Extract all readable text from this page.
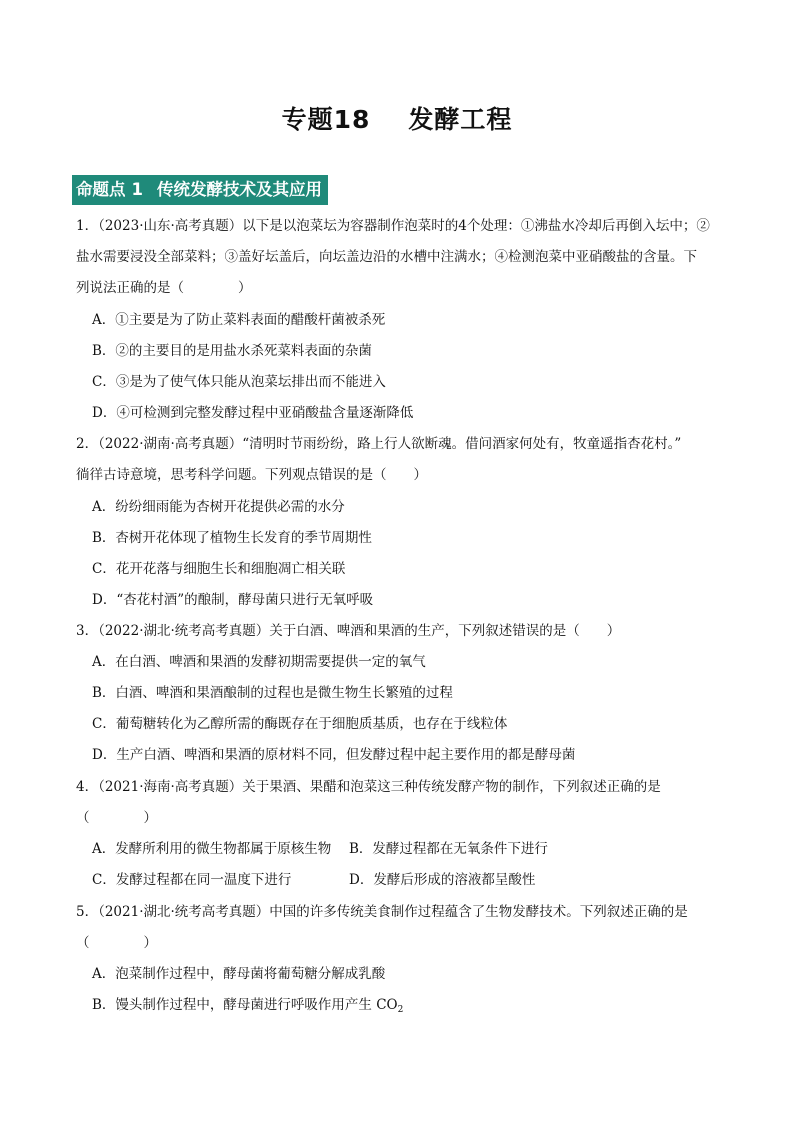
专题18 发酵工程
命题点 1 传统发酵技术及其应用
1．（2023·山东·高考真题）以下是以泡菜坛为容器制作泡菜时的4个处理：①沸盐水冷却后再倒入坛中；②
盐水需要浸没全部菜料；③盖好坛盖后，向坛盖边沿的水槽中注满水；④检测泡菜中亚硝酸盐的含量。下
列说法正确的是（　　　　）
A．①主要是为了防止菜料表面的醋酸杆菌被杀死
B．②的主要目的是用盐水杀死菜料表面的杂菌
C．③是为了使气体只能从泡菜坛排出而不能进入
D．④可检测到完整发酵过程中亚硝酸盐含量逐渐降低
2．（2022·湖南·高考真题）“清明时节雨纷纷，路上行人欲断魂。借问酒家何处有，牧童遥指杏花村。”
徜徉古诗意境，思考科学问题。下列观点错误的是（　　）
A．纷纷细雨能为杏树开花提供必需的水分
B．杏树开花体现了植物生长发育的季节周期性
C．花开花落与细胞生长和细胞凋亡相关联
D．“杏花村酒”的酿制，酵母菌只进行无氧呼吸
3．（2022·湖北·统考高考真题）关于白酒、啤酒和果酒的生产，下列叙述错误的是（　　）
A．在白酒、啤酒和果酒的发酵初期需要提供一定的氧气
B．白酒、啤酒和果酒酿制的过程也是微生物生长繁殖的过程
C．葡萄糖转化为乙醇所需的酶既存在于细胞质基质，也存在于线粒体
D．生产白酒、啤酒和果酒的原材料不同，但发酵过程中起主要作用的都是酵母菌
4．（2021·海南·高考真题）关于果酒、果醋和泡菜这三种传统发酵产物的制作，下列叙述正确的是
（　　　　）
A．发酵所利用的微生物都属于原核生物 B．发酵过程都在无氧条件下进行
C．发酵过程都在同一温度下进行	D．发酵后形成的溶液都呈酸性
5．（2021·湖北·统考高考真题）中国的许多传统美食制作过程蕴含了生物发酵技术。下列叙述正确的是
（　　　　）
A．泡菜制作过程中，酵母菌将葡萄糖分解成乳酸
B．馒头制作过程中，酵母菌进行呼吸作用产生 $CO_2$
